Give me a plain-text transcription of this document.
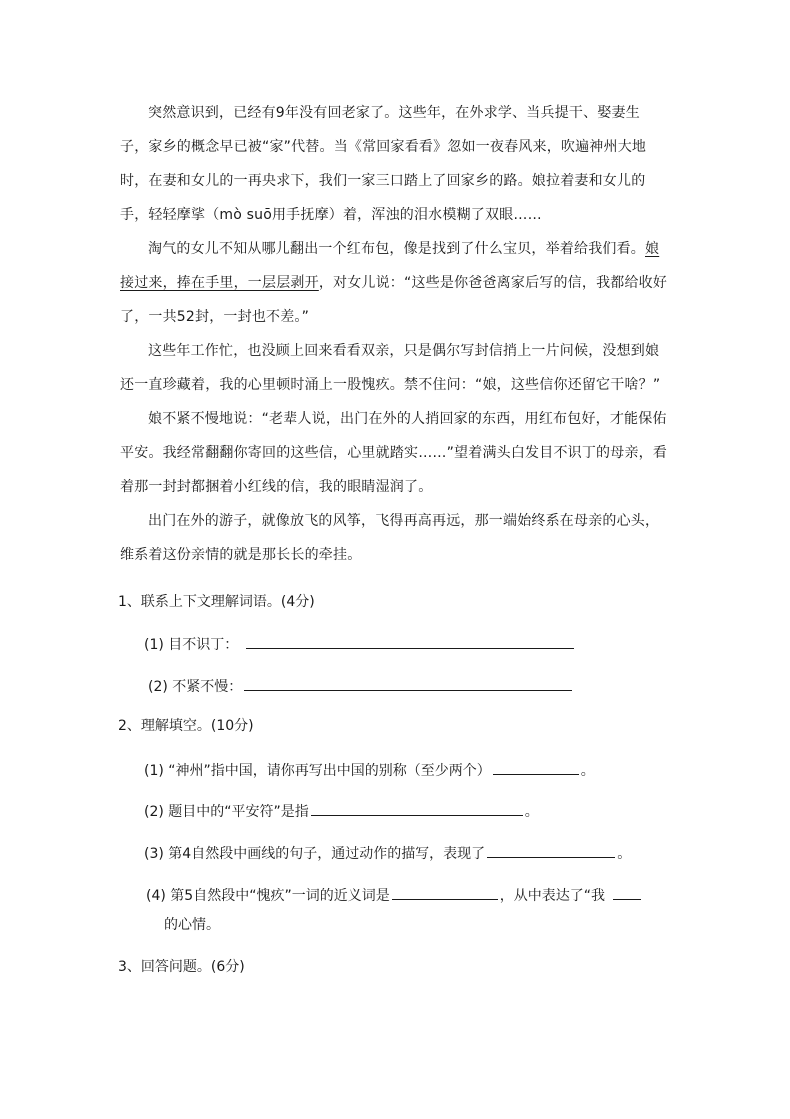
突然意识到，已经有9年没有回老家了。这些年，在外求学、当兵提干、娶妻生子，家乡的概念早已被“家”代替。当《常回家看看》忽如一夜春风来，吹遍神州大地时，在妻和女儿的一再央求下，我们一家三口踏上了回家乡的路。娘拉着妻和女儿的手，轻轻摩挲（mò suō用手抚摩）着，浑浊的泪水模糊了双眼……

淘气的女儿不知从哪儿翻出一个红布包，像是找到了什么宝贝，举着给我们看。娘接过来，捧在手里，一层层剥开，对女儿说：“这些是你爸爸离家后写的信，我都给收好了，一共52封，一封也不差。”

这些年工作忙，也没顾上回来看看双亲，只是偶尔写封信捎上一片问候，没想到娘还一直珍藏着，我的心里顿时涌上一股愧疚。禁不住问：“娘，这些信你还留它干啥？”

娘不紧不慢地说：“老辈人说，出门在外的人捎回家的东西，用红布包好，才能保佑平安。我经常翻翻你寄回的这些信，心里就踏实……”望着满头白发目不识丁的母亲，看着那一封封都捆着小红线的信，我的眼睛湿润了。

出门在外的游子，就像放飞的风筝，飞得再高再远，那一端始终系在母亲的心头，维系着这份亲情的就是那长长的牵挂。

1、联系上下文理解词语。(4分)

(1) 目不识丁：

(2) 不紧不慢：

2、理解填空。(10分)

(1) “神州”指中国，请你再写出中国的别称（至少两个）	。

(2) 题目中的“平安符”是指	。

(3) 第4自然段中画线的句子，通过动作的描写，表现了	。

(4) 第5自然段中“愧疚”一词的近义词是	，从中表达了“我

的心情。

3、回答问题。(6分)
